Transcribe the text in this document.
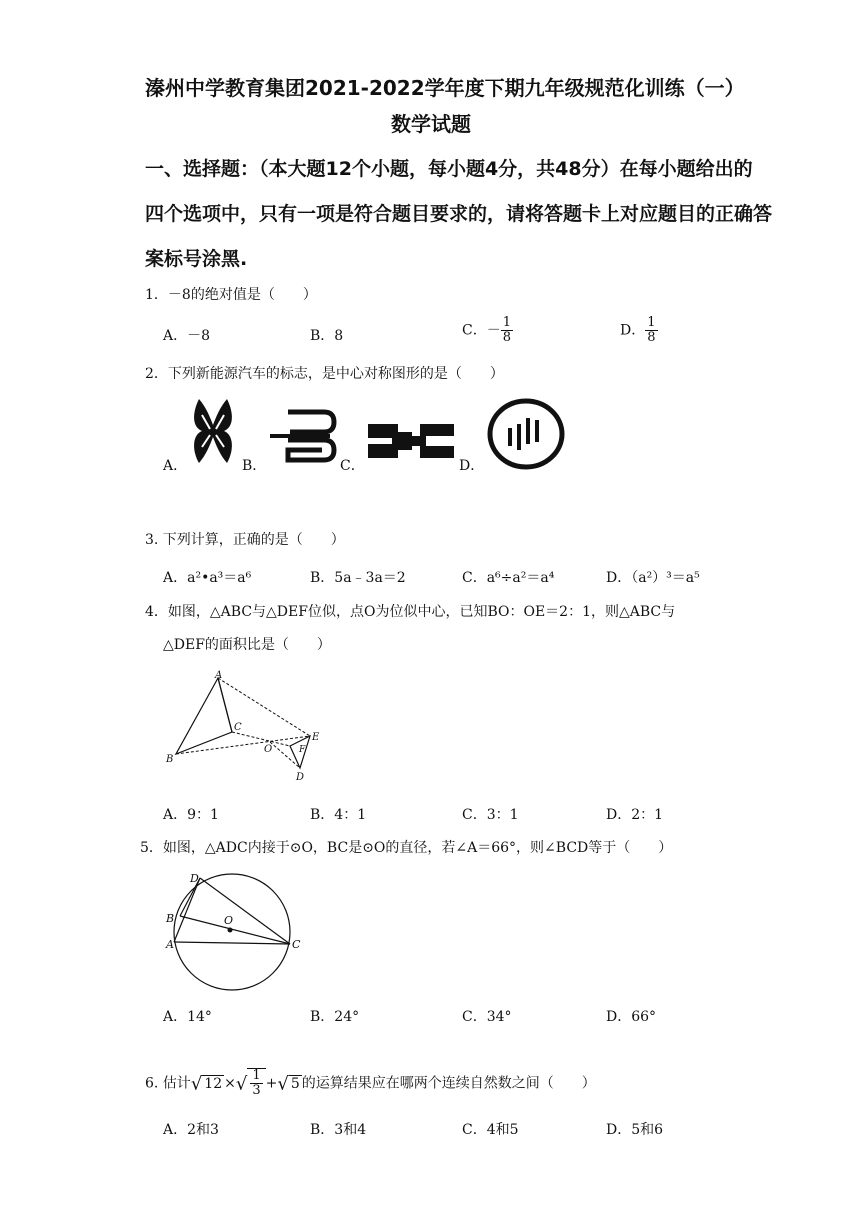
溱州中学教育集团2021-2022学年度下期九年级规范化训练（一）
数学试题
一、选择题：（本大题12个小题，每小题4分，共48分）在每小题给出的
四个选项中，只有一项是符合题目要求的，请将答题卡上对应题目的正确答
案标号涂黑.
1．－8的绝对值是（　　）
A．－8	B．8	C．－ $\frac{1}{8}$	D． $\frac{1}{8}$
2．下列新能源汽车的标志，是中心对称图形的是（　　）
A．	B．	C．	D．
3. 下列计算，正确的是（　　）
A．a²•a³＝a⁶	B．5a﹣3a＝2	C．a⁶÷a²＝a⁴	D．（a²）³＝a⁵
4．如图，△ABC与△DEF位似，点O为位似中心，已知BO：OE＝2：1，则△ABC与
△DEF的面积比是（　　）
A
B
C
O	F
E
D
A．9：1	B．4：1	C．3：1	D．2：1
5．如图，△ADC内接于⊙O，BC是⊙O的直径，若∠A＝66°，则∠BCD等于（　　）
D
B
A
O
C
A．14°	B．24°	C．34°	D．66°
6. 估计√ 12 ×√ $\frac{1}{3}$ +√ 5 的运算结果应在哪两个连续自然数之间（　　）
A．2和3	B．3和4	C．4和5	D．5和6
